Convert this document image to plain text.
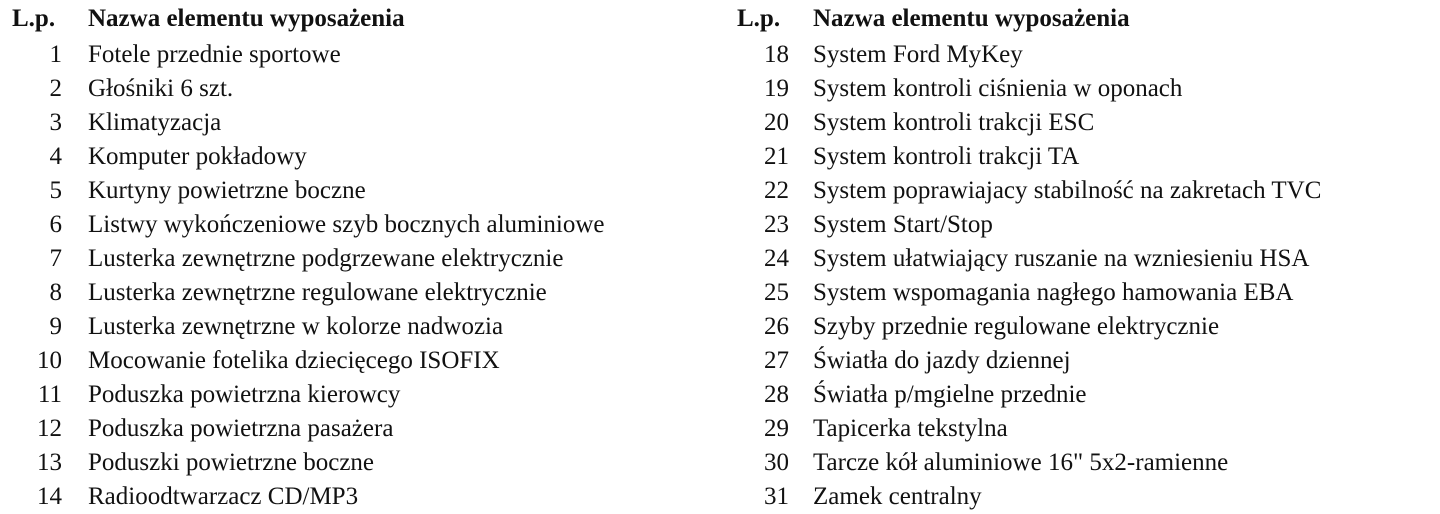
L.p.	Nazwa elementu wyposażenia
1	Fotele przednie sportowe
2	Głośniki 6 szt.
3	Klimatyzacja
4	Komputer pokładowy
5	Kurtyny powietrzne boczne
6	Listwy wykończeniowe szyb bocznych aluminiowe
7	Lusterka zewnętrzne podgrzewane elektrycznie
8	Lusterka zewnętrzne regulowane elektrycznie
9	Lusterka zewnętrzne w kolorze nadwozia
10	Mocowanie fotelika dziecięcego ISOFIX
11	Poduszka powietrzna kierowcy
12	Poduszka powietrzna pasażera
13	Poduszki powietrzne boczne
14	Radioodtwarzacz CD/MP3
L.p.	Nazwa elementu wyposażenia
18 System Ford MyKey
19 System kontroli ciśnienia w oponach
20 System kontroli trakcji ESC
21 System kontroli trakcji TA
22 System poprawiajacy stabilność na zakretach TVC
23 System Start/Stop
24 System ułatwiający ruszanie na wzniesieniu HSA
25 System wspomagania nagłego hamowania EBA
26 Szyby przednie regulowane elektrycznie
27 Światła do jazdy dziennej
28 Światła p/mgielne przednie
29 Tapicerka tekstylna
30 Tarcze kół aluminiowe 16" 5x2-ramienne
31 Zamek centralny
